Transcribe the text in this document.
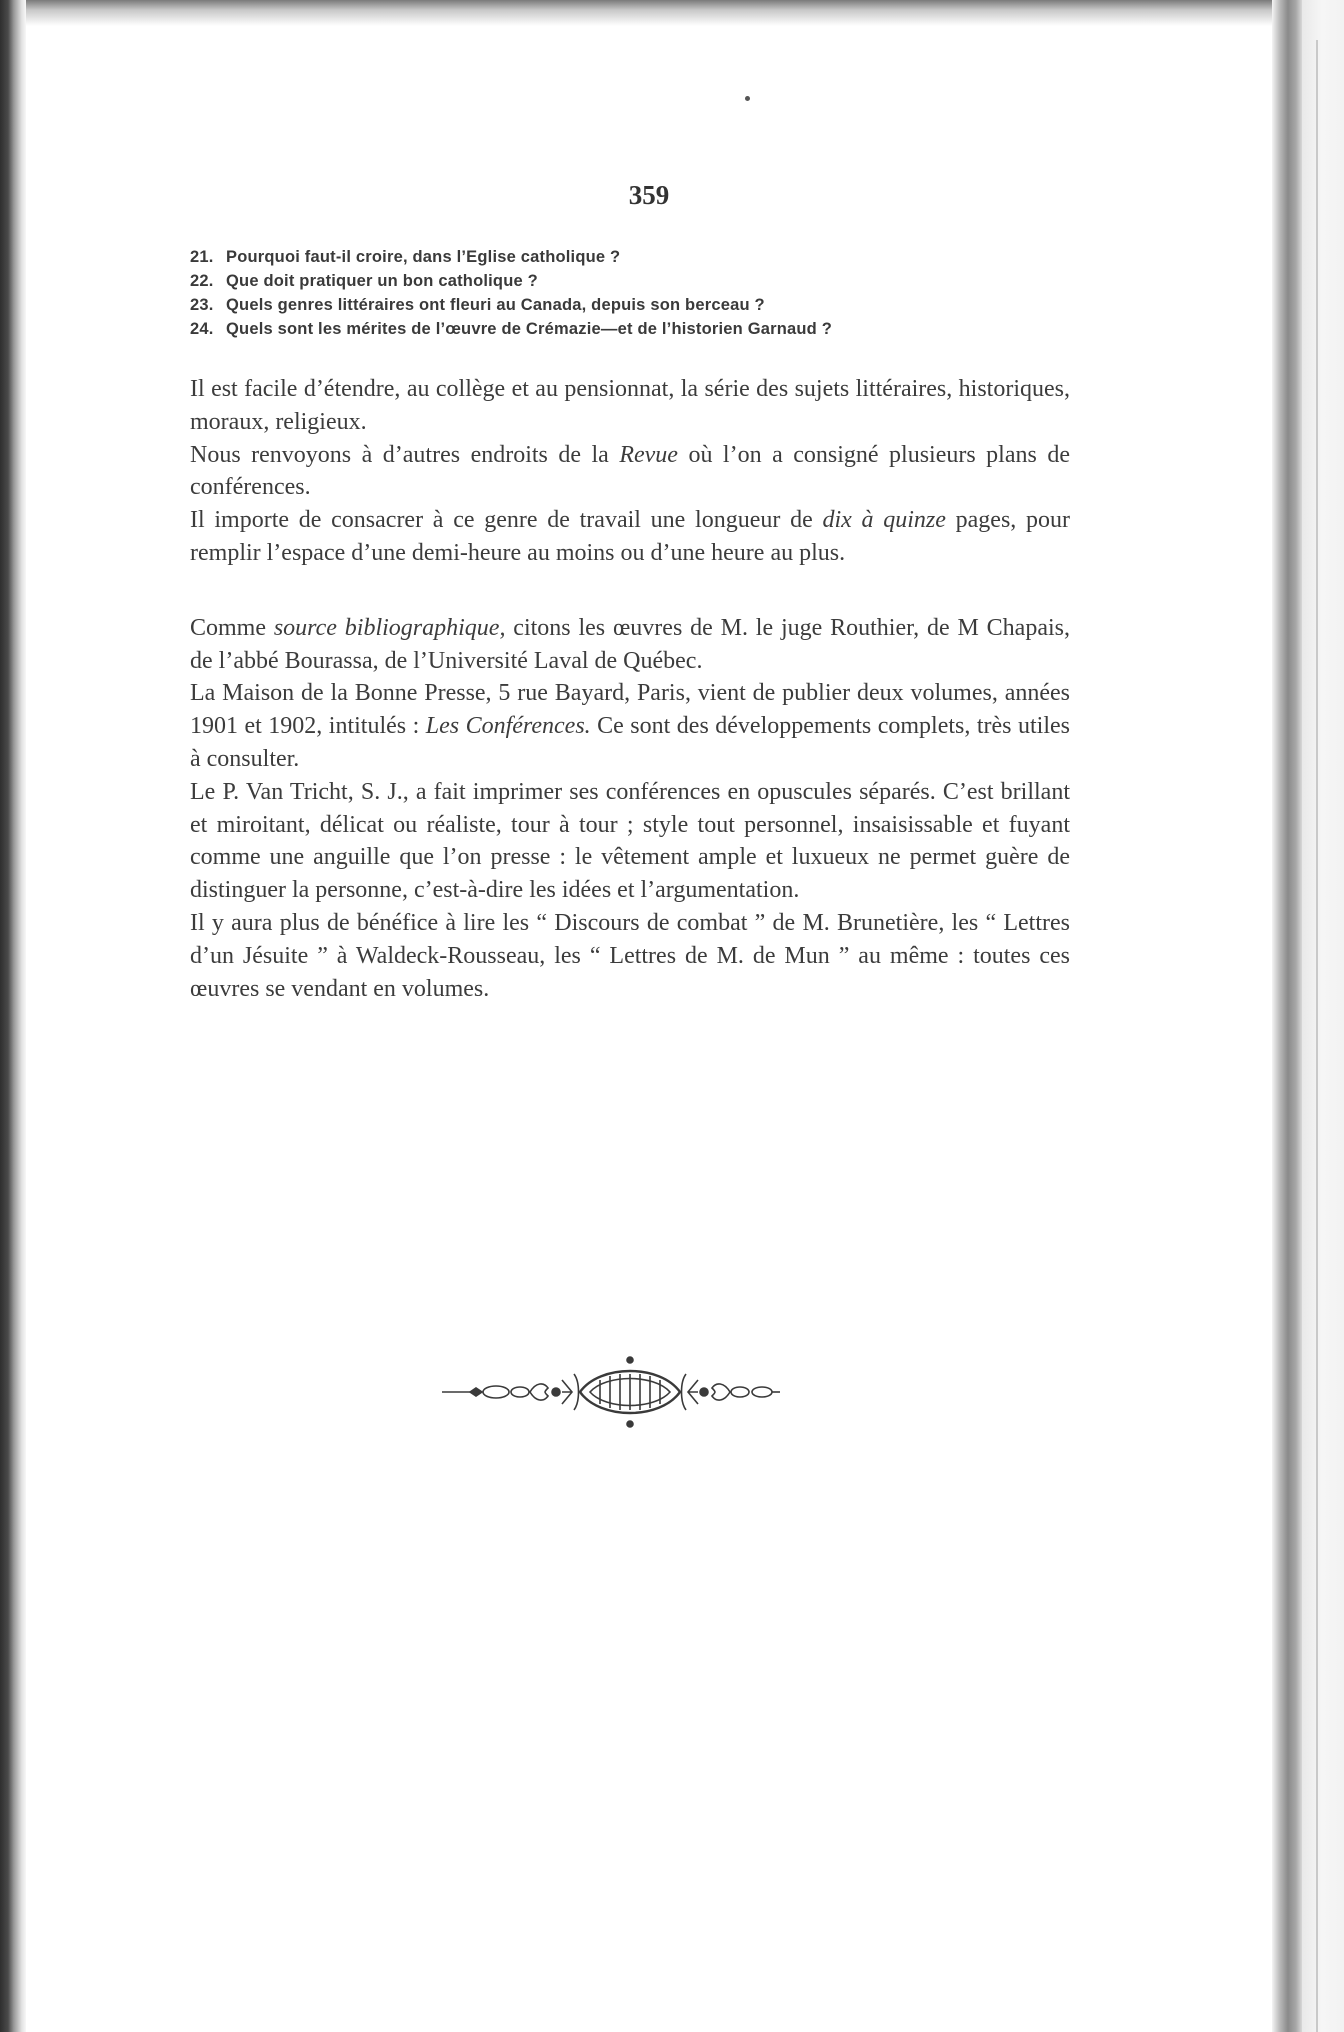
359
21. Pourquoi faut-il croire, dans l’Eglise catholique ?
22. Que doit pratiquer un bon catholique ?
23. Quels genres littéraires ont fleuri au Canada, depuis son berceau ?
24. Quels sont les mérites de l’œuvre de Crémazie—et de l’historien Garnaud ?

Il est facile d’étendre, au collège et au pensionnat, la série des sujets littéraires, historiques, moraux, religieux.

Nous renvoyons à d’autres endroits de la Revue où l’on a consigné plusieurs plans de conférences.

Il importe de consacrer à ce genre de travail une longueur de dix à quinze pages, pour remplir l’espace d’une demi-heure au moins ou d’une heure au plus.

Comme source bibliographique, citons les œuvres de M. le juge Routhier, de M Chapais, de l’abbé Bourassa, de l’Université Laval de Québec.

La Maison de la Bonne Presse, 5 rue Bayard, Paris, vient de publier deux volumes, années 1901 et 1902, intitulés : Les Conférences. Ce sont des développements complets, très utiles à consulter.

Le P. Van Tricht, S. J., a fait imprimer ses conférences en opuscules séparés. C’est brillant et miroitant, délicat ou réaliste, tour à tour ; style tout personnel, insaisissable et fuyant comme une anguille que l’on presse : le vêtement ample et luxueux ne permet guère de distinguer la personne, c’est-à-dire les idées et l’argumentation.

Il y aura plus de bénéfice à lire les “ Discours de combat ” de M. Brunetière, les “ Lettres d’un Jésuite ” à Waldeck-Rousseau, les “ Lettres de M. de Mun ” au même : toutes ces œuvres se vendant en volumes.
